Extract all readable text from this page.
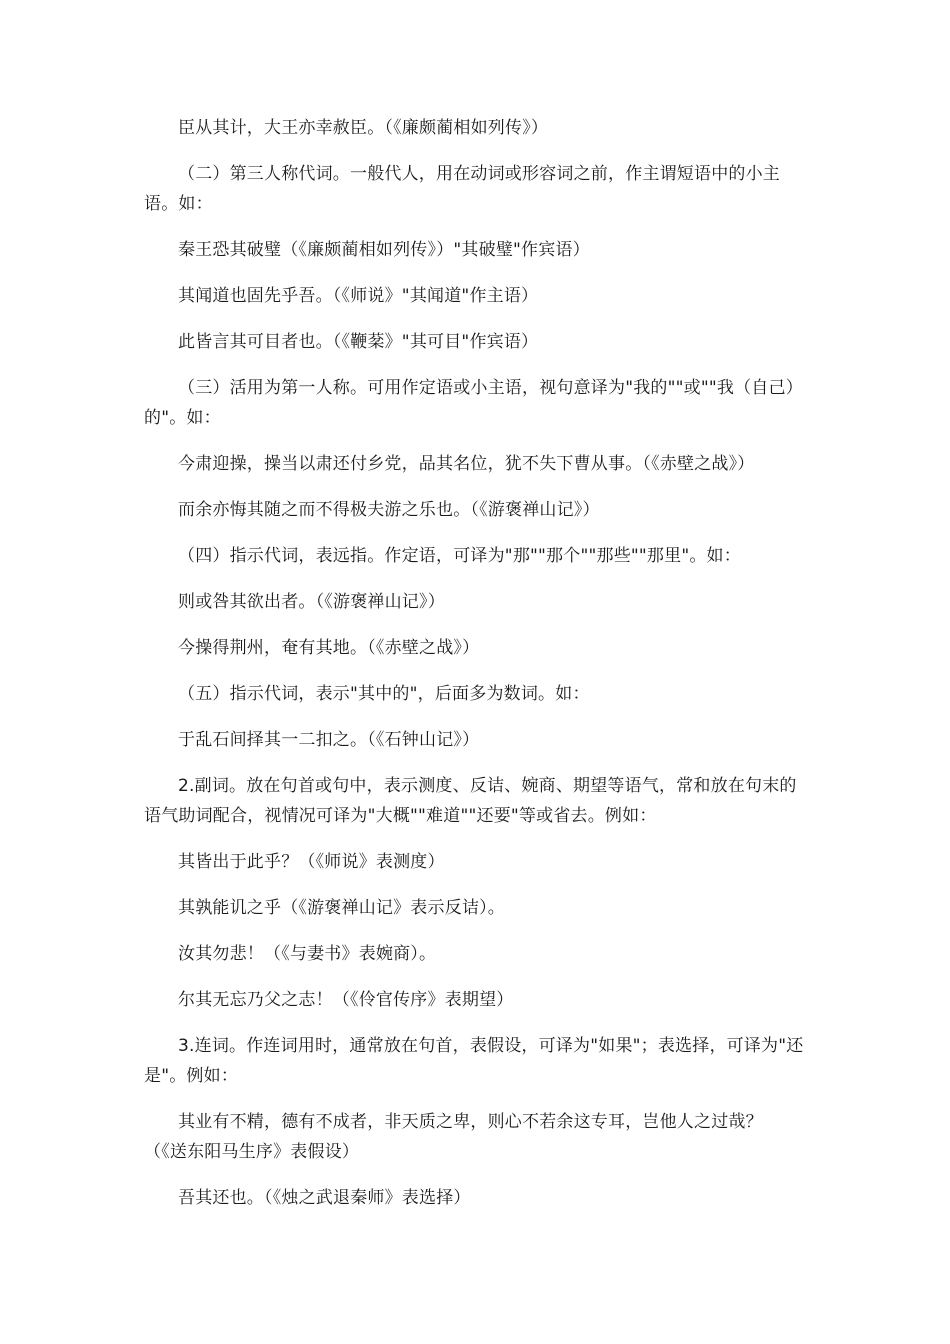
臣从其计，大王亦幸赦臣。（《廉颇蔺相如列传》）

（二）第三人称代词。一般代人，用在动词或形容词之前，作主谓短语中的小主语。如：

秦王恐其破璧（《廉颇蔺相如列传》）"其破璧"作宾语）

其闻道也固先乎吾。（《师说》"其闻道"作主语）

此皆言其可目者也。（《鞭棻》"其可目"作宾语）

（三）活用为第一人称。可用作定语或小主语，视句意译为"我的""或""我（自己）的"。如：

今肃迎操，操当以肃还付乡党，品其名位，犹不失下曹从事。（《赤壁之战》）

而余亦悔其随之而不得极夫游之乐也。（《游褒禅山记》）

（四）指示代词，表远指。作定语，可译为"那""那个""那些""那里"。如：

则或咎其欲出者。（《游褒禅山记》）

今操得荆州，奄有其地。（《赤壁之战》）

（五）指示代词，表示"其中的"，后面多为数词。如：

于乱石间择其一二扣之。（《石钟山记》）

2.副词。放在句首或句中，表示测度、反诘、婉商、期望等语气，常和放在句末的语气助词配合，视情况可译为"大概""难道""还要"等或省去。例如：

其皆出于此乎？（《师说》表测度）

其孰能讥之乎（《游褒禅山记》表示反诘）。

汝其勿悲！（《与妻书》表婉商）。

尔其无忘乃父之志！（《伶官传序》表期望）

3.连词。作连词用时，通常放在句首，表假设，可译为"如果"；表选择，可译为"还是"。例如：

其业有不精，德有不成者，非天质之卑，则心不若余这专耳，岂他人之过哉？（《送东阳马生序》表假设）

吾其还也。（《烛之武退秦师》表选择）
